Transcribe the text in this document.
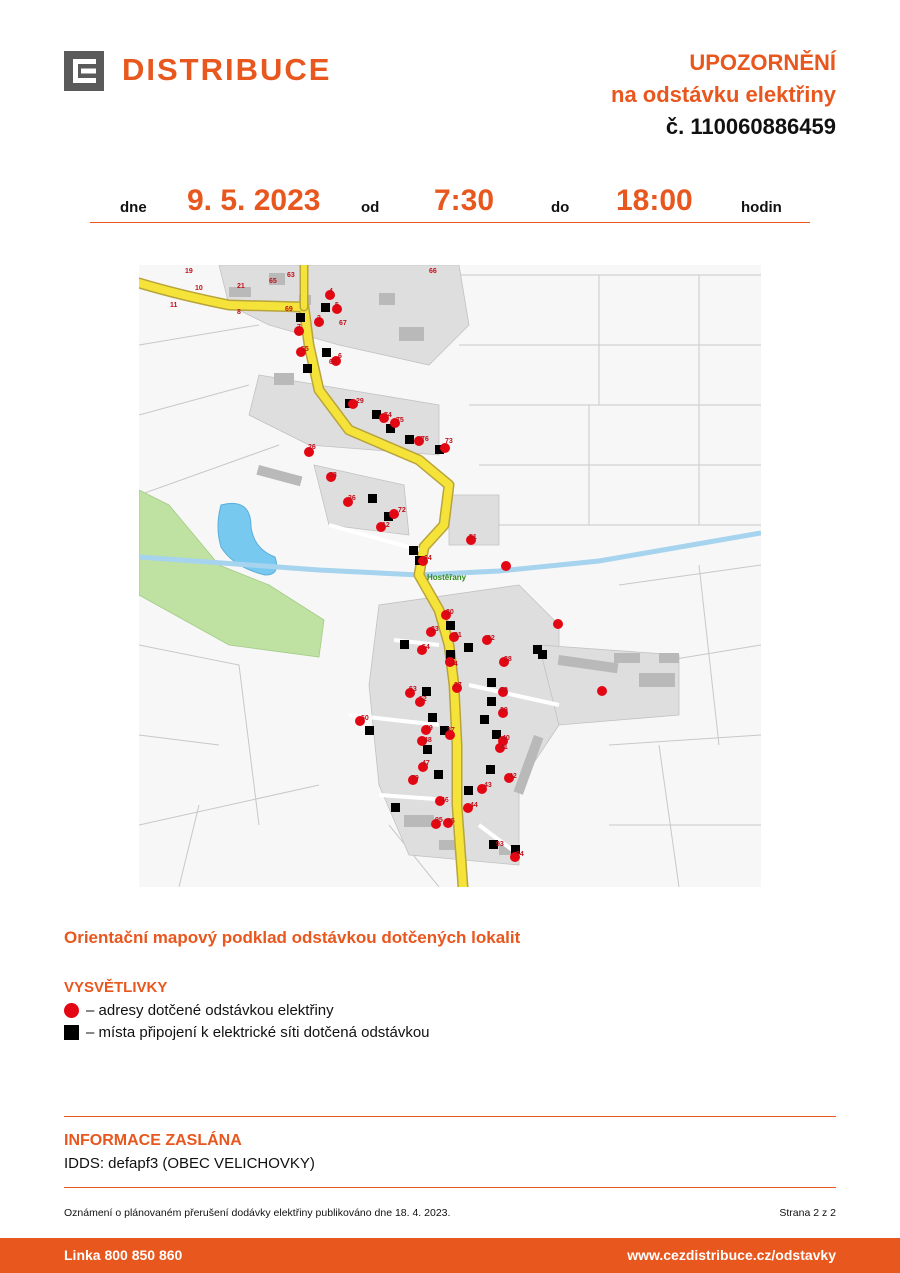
DISTRIBUCE	UPOZORNĚNÍ
na odstávku elektřiny
č. 110060886459
dne 9. 5. 2023	od 7:30	do 18:00	hodin
Hostěřany
19
10	21
65
63
66
11
8	69
4
5
3
67
7
55
6
68
29
74
75
76 73
26
28
36
72
12
51
64
30
33
31	32
54
34
38
27
53	59
52
39
50
37
49
48	40
41
47
42
79
43
46
44
95 45
93
94
Orientační mapový podklad odstávkou dotčených lokalit
VYSVĚTLIVKY
– adresy dotčené odstávkou elektřiny
– místa připojení k elektrické síti dotčená odstávkou
INFORMACE ZASLÁNA
IDDS: defapf3 (OBEC VELICHOVKY)
Oznámení o plánovaném přerušení dodávky elektřiny publikováno dne 18. 4. 2023.	Strana 2 z 2
Linka 800 850 860	www.cezdistribuce.cz/odstavky
